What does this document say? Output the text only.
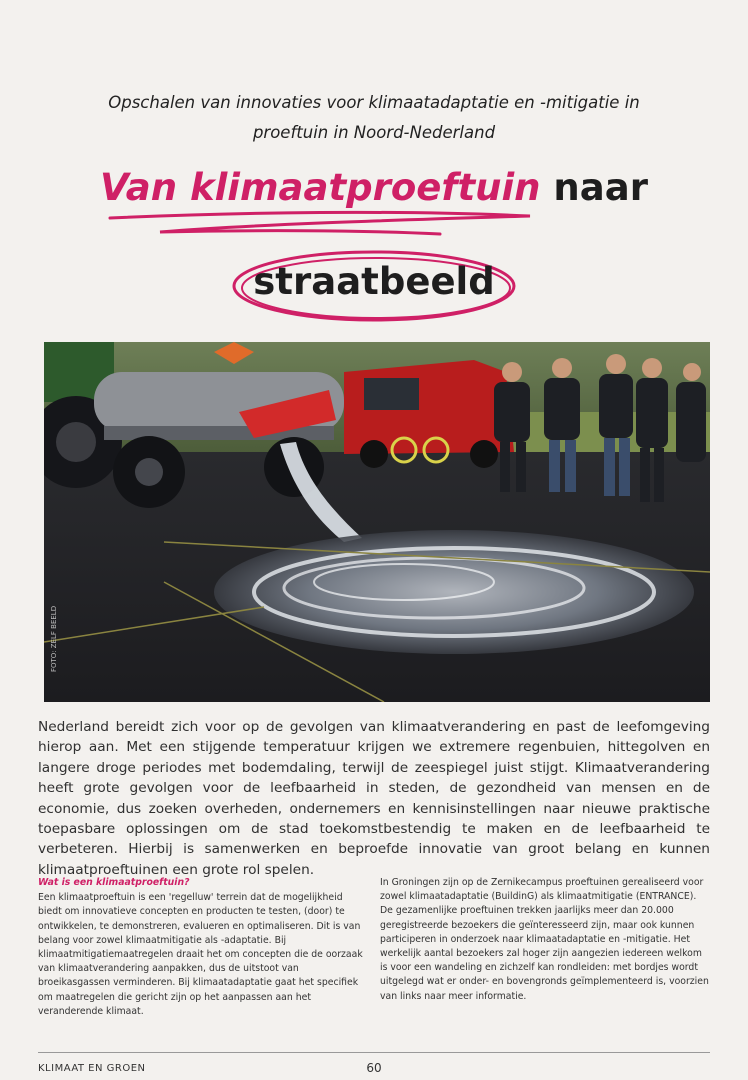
Opschalen van innovaties voor klimaatadaptatie en -mitigatie in
proeftuin in Noord-Nederland
Van klimaatproeftuin naar
straatbeeld
FOTO: ZELF BEELD
Nederland bereidt zich voor op de gevolgen van klimaatverandering en past de leefomgeving hierop aan. Met een stijgende temperatuur krijgen we extremere regenbuien, hittegolven en langere droge periodes met bodemdaling, terwijl de zeespiegel juist stijgt. Klimaatverandering heeft grote gevolgen voor de leefbaarheid in steden, de gezondheid van mensen en de economie, dus zoeken overheden, ondernemers en kennisinstellingen naar nieuwe praktische toepasbare oplossingen om de stad toekomstbestendig te maken en de leefbaarheid te verbeteren. Hierbij is samenwerken en beproefde innovatie van groot belang en kunnen klimaatproeftuinen een grote rol spelen.
Wat is een klimaatproeftuin?
Een klimaatproeftuin is een 'regelluw' terrein dat de mogelijkheid biedt om innovatieve concepten en producten te testen, (door) te ontwikkelen, te demonstreren, evalueren en optimaliseren. Dit is van belang voor zowel klimaatmitigatie als -adaptatie. Bij klimaatmitigatiemaatregelen draait het om concepten die de oorzaak van klimaatverandering aanpakken, dus de uitstoot van broeikasgassen verminderen. Bij klimaatadaptatie gaat het specifiek om maatregelen die gericht zijn op het aanpassen aan het veranderende klimaat.
In Groningen zijn op de Zernikecampus proeftuinen gerealiseerd voor zowel klimaatadaptatie (BuildinG) als klimaatmitigatie (ENTRANCE). De gezamenlijke proeftuinen trekken jaarlijks meer dan 20.000 geregistreerde bezoekers die geïnteresseerd zijn, maar ook kunnen participeren in onderzoek naar klimaatadaptatie en -mitigatie. Het werkelijk aantal bezoekers zal hoger zijn aangezien iedereen welkom is voor een wandeling en zichzelf kan rondleiden: met bordjes wordt uitgelegd wat er onder- en bovengronds geïmplementeerd is, voorzien van links naar meer informatie.
KLIMAAT EN GROEN	60
